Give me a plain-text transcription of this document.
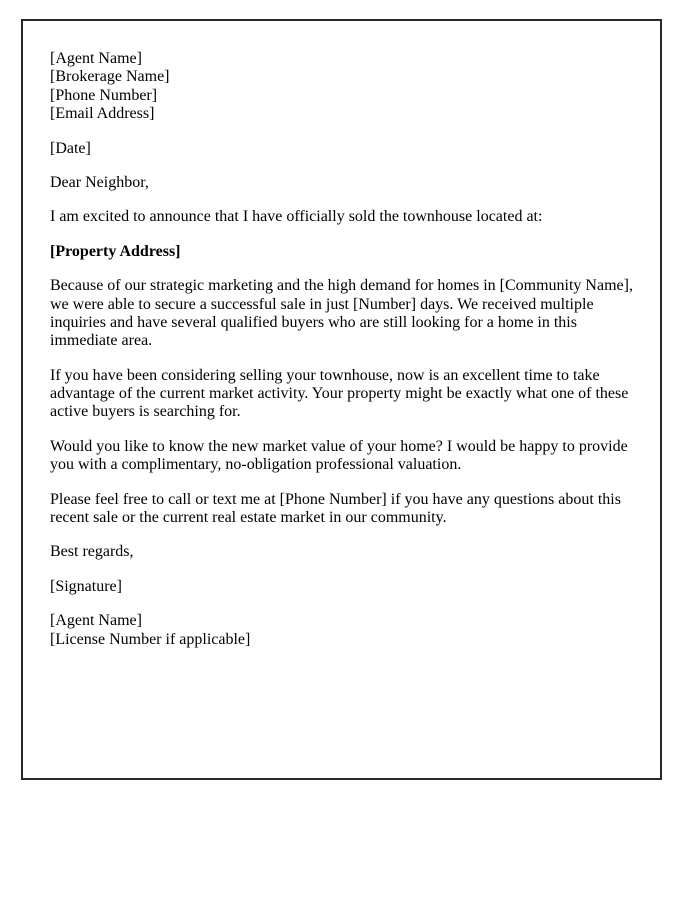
[Agent Name]
[Brokerage Name]
[Phone Number]
[Email Address]
[Date]
Dear Neighbor,
I am excited to announce that I have officially sold the townhouse located at:
[Property Address]
Because of our strategic marketing and the high demand for homes in [Community Name], we were able to secure a successful sale in just [Number] days. We received multiple inquiries and have several qualified buyers who are still looking for a home in this immediate area.
If you have been considering selling your townhouse, now is an excellent time to take advantage of the current market activity. Your property might be exactly what one of these active buyers is searching for.
Would you like to know the new market value of your home? I would be happy to provide you with a complimentary, no-obligation professional valuation.
Please feel free to call or text me at [Phone Number] if you have any questions about this recent sale or the current real estate market in our community.
Best regards,
[Signature]
[Agent Name]
[License Number if applicable]
